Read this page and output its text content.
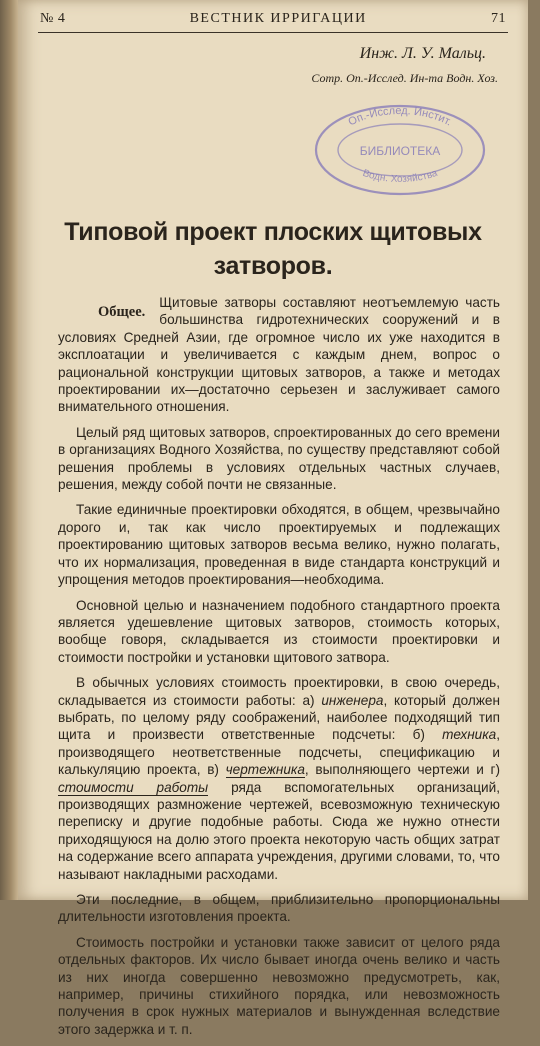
№ 4	ВЕСТНИК ИРРИГАЦИИ	71
Инж. Л. У. Мальц.
Сотр. Оп.-Исслед. Ин-та Водн. Хоз.
Оп.-Исслед. Инстит.
БИБЛИОТЕКА
Водн. Хозяйства
Типовой проект плоских щитовых
затворов.
Общее.

Щитовые затворы составляют неотъемлемую часть большинства гидротехнических сооружений и в условиях Средней Азии, где огромное число их уже находится в эксплоатации и увеличивается с каждым днем, вопрос о рациональной конструкции щитовых затворов, а также и методах проектировании их—достаточно серьезен и заслуживает самого внимательного отношения.

Целый ряд щитовых затворов, спроектированных до сего времени в организациях Водного Хозяйства, по существу представляют собой решения проблемы в условиях отдельных частных случаев, решения, между собой почти не связанные.

Такие единичные проектировки обходятся, в общем, чрезвычайно дорого и, так как число проектируемых и подлежащих проектированию щитовых затворов весьма велико, нужно полагать, что их нормализация, проведенная в виде стандарта конструкций и упрощения методов проектирования—необходима.

Основной целью и назначением подобного стандартного проекта является удешевление щитовых затворов, стоимость которых, вообще говоря, складывается из стоимости проектировки и стоимости постройки и установки щитового затвора.

В обычных условиях стоимость проектировки, в свою очередь, складывается из стоимости работы: а) инженера, который должен выбрать, по целому ряду соображений, наиболее подходящий тип щита и произвести ответственные подсчеты: б) техника, производящего неответственные подсчеты, спецификацию и калькуляцию проекта, в) чертежника, выполняющего чертежи и г) стоимости работы ряда вспомогательных организаций, производящих размножение чертежей, всевозможную техническую переписку и другие подобные работы. Сюда же нужно отнести приходящуюся на долю этого проекта некоторую часть общих затрат на содержание всего аппарата учреждения, другими словами, то, что называют накладными расходами.

Эти последние, в общем, приблизительно пропорциональны длительности изготовления проекта.

Стоимость постройки и установки также зависит от целого ряда отдельных факторов. Их число бывает иногда очень велико и часть из них иногда совершенно невозможно предусмотреть, как, например, причины стихийного порядка, или невозможность получения в срок нужных материалов и вынужденная вследствие этого задержка и т. п.
